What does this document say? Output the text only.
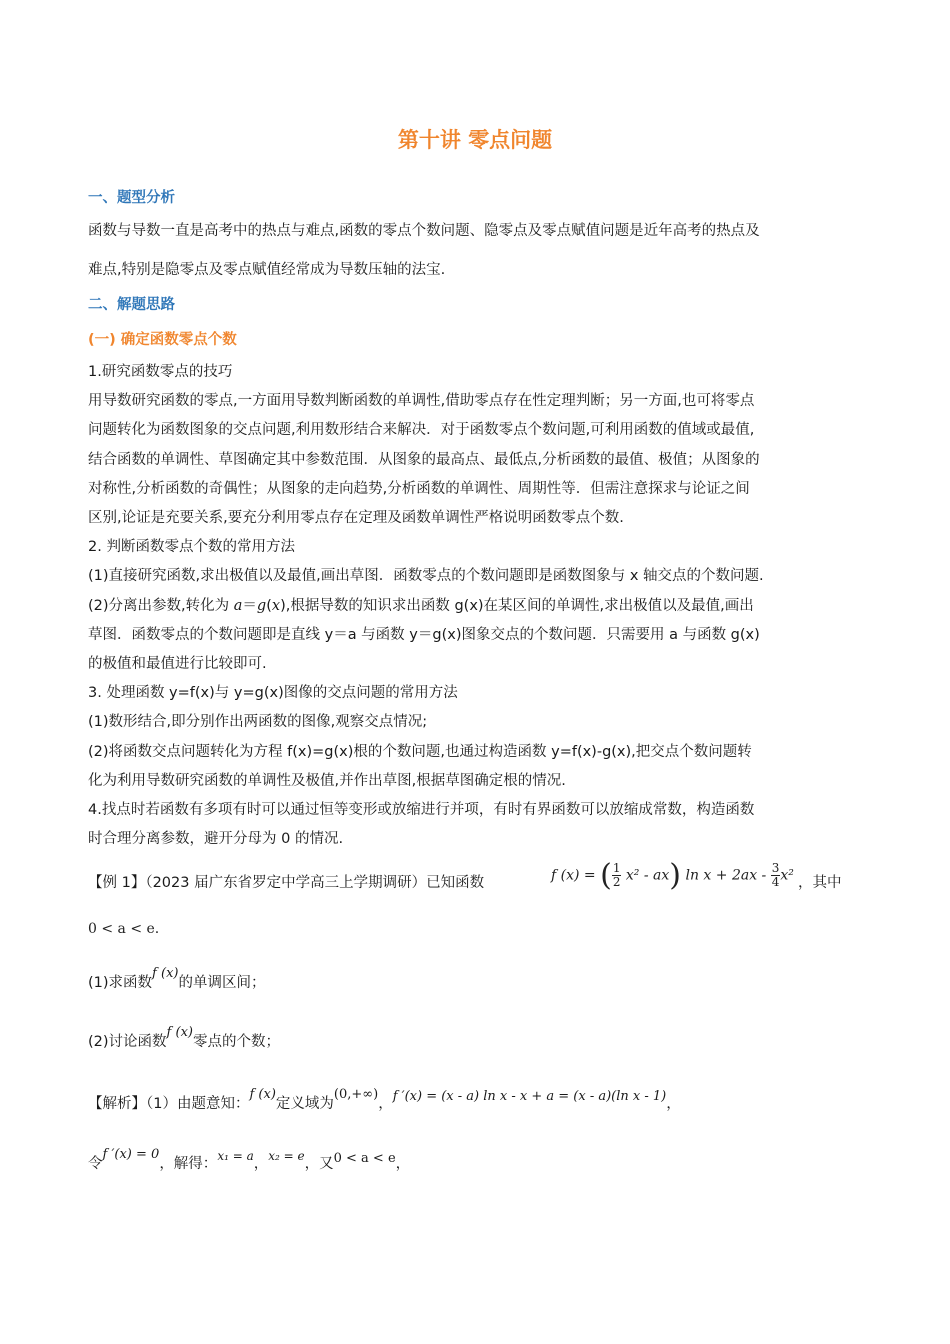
第十讲 零点问题
一、题型分析
函数与导数一直是高考中的热点与难点,函数的零点个数问题、隐零点及零点赋值问题是近年高考的热点及
难点,特别是隐零点及零点赋值经常成为导数压轴的法宝.
二、解题思路
(一) 确定函数零点个数
1.研究函数零点的技巧
用导数研究函数的零点,一方面用导数判断函数的单调性,借助零点存在性定理判断；另一方面,也可将零点
问题转化为函数图象的交点问题,利用数形结合来解决．对于函数零点个数问题,可利用函数的值域或最值,
结合函数的单调性、草图确定其中参数范围．从图象的最高点、最低点,分析函数的最值、极值；从图象的
对称性,分析函数的奇偶性；从图象的走向趋势,分析函数的单调性、周期性等．但需注意探求与论证之间
区别,论证是充要关系,要充分利用零点存在定理及函数单调性严格说明函数零点个数.
2. 判断函数零点个数的常用方法
(1)直接研究函数,求出极值以及最值,画出草图．函数零点的个数问题即是函数图象与 x 轴交点的个数问题.
(2)分离出参数,转化为 a＝g(x),根据导数的知识求出函数 g(x)在某区间的单调性,求出极值以及最值,画出
草图．函数零点的个数问题即是直线 y＝a 与函数 y＝g(x)图象交点的个数问题．只需要用 a 与函数 g(x)
的极值和最值进行比较即可.
3. 处理函数 y=f(x)与 y=g(x)图像的交点问题的常用方法
(1)数形结合,即分别作出两函数的图像,观察交点情况;
(2)将函数交点问题转化为方程 f(x)=g(x)根的个数问题,也通过构造函数 y=f(x)-g(x),把交点个数问题转
化为利用导数研究函数的单调性及极值,并作出草图,根据草图确定根的情况.
4.找点时若函数有多项有时可以通过恒等变形或放缩进行并项，有时有界函数可以放缩成常数，构造函数
时合理分离参数，避开分母为 0 的情况.
【例 1】（2023 届广东省罗定中学高三上学期调研）已知函数	f (x) = ( $\frac{1}{2} x^2 - ax$) $\ln x + 2ax - \frac{3}{4} x^2$ ，其中
0 < a < e.
(1)求函数f (x)的单调区间；
(2)讨论函数f (x)零点的个数；
【解析】（1）由题意知：f (x)定义域为(0,+∞)，f ′(x) = (x - a) ln x - x + a = (x - a)(ln x - 1)，
令f ′(x) = 0，解得：$^{x_1 = a}$，$^{x_2 = e}$，又0 < a < e，
